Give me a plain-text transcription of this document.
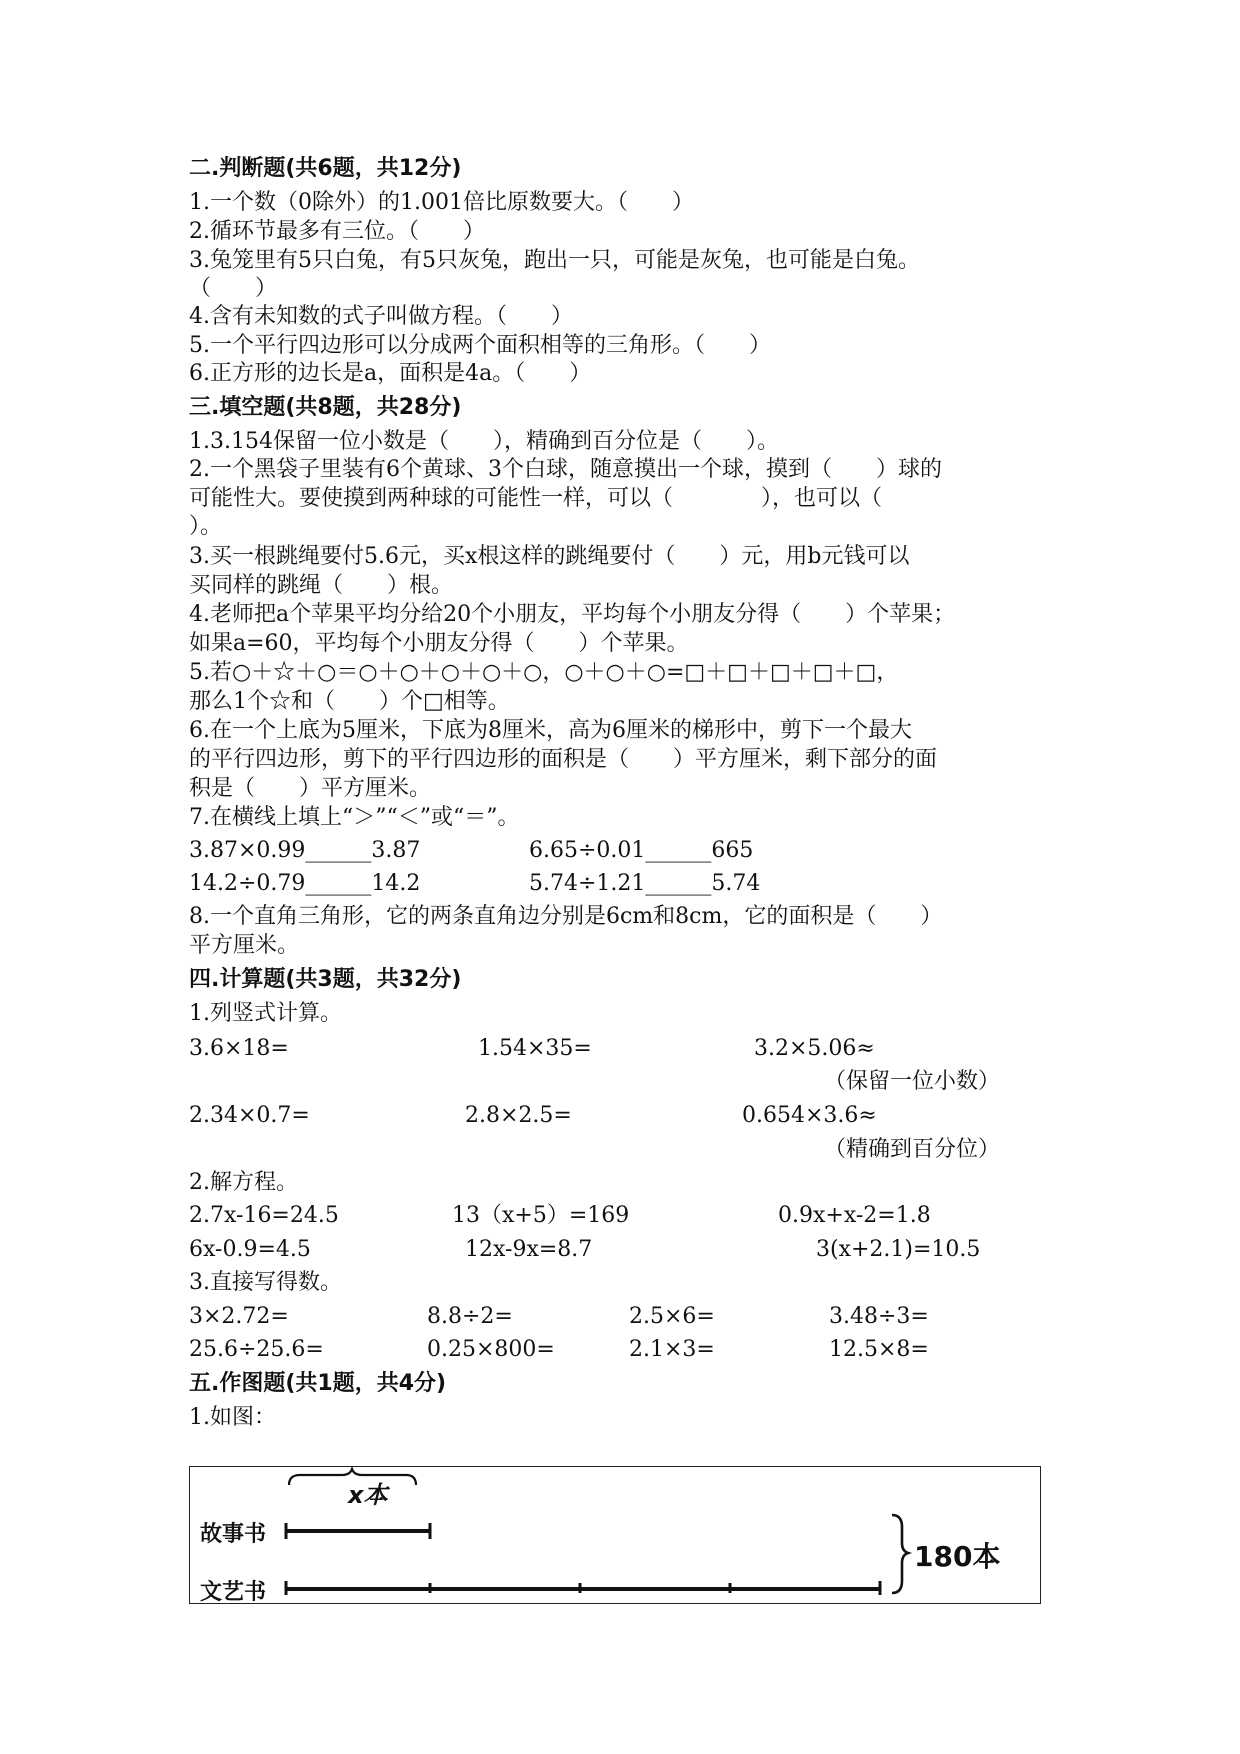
二.判断题(共6题，共12分)
1.一个数（0除外）的1.001倍比原数要大。（　　）
2.循环节最多有三位。（　　）
3.兔笼里有5只白兔，有5只灰兔，跑出一只，可能是灰兔，也可能是白兔。
（　　）
4.含有未知数的式子叫做方程。（　　）
5.一个平行四边形可以分成两个面积相等的三角形。（　　）
6.正方形的边长是a，面积是4a。（　　）
三.填空题(共8题，共28分)
1.3.154保留一位小数是（　　），精确到百分位是（　　）。
2.一个黑袋子里装有6个黄球、3个白球，随意摸出一个球，摸到（　　）球的
可能性大。要使摸到两种球的可能性一样，可以（　　　　），也可以（
）。
3.买一根跳绳要付5.6元，买x根这样的跳绳要付（　　）元，用b元钱可以
买同样的跳绳（　　）根。
4.老师把a个苹果平均分给20个小朋友，平均每个小朋友分得（　　）个苹果；
如果a=60，平均每个小朋友分得（　　）个苹果。
5.若○＋☆＋○＝○＋○＋○＋○＋○，○＋○＋○=□＋□＋□＋□＋□，
那么1个☆和（　　）个□相等。
6.在一个上底为5厘米，下底为8厘米，高为6厘米的梯形中，剪下一个最大
的平行四边形，剪下的平行四边形的面积是（　　）平方厘米，剩下部分的面
积是（　　）平方厘米。
7.在横线上填上“＞”“＜”或“＝”。
3.87×0.99______3.87	6.65÷0.01______665
14.2÷0.79______14.2	5.74÷1.21______5.74
8.一个直角三角形，它的两条直角边分别是6cm和8cm，它的面积是（　　）
平方厘米。
四.计算题(共3题，共32分)
1.列竖式计算。
3.6×18=	1.54×35=	3.2×5.06≈
（保留一位小数）
2.34×0.7=	2.8×2.5=	0.654×3.6≈
（精确到百分位）
2.解方程。
2.7x-16=24.5	13（x+5）=169	0.9x+x-2=1.8
6x-0.9=4.5	12x-9x=8.7	3(x+2.1)=10.5
3.直接写得数。
3×2.72=	8.8÷2=	2.5×6=	3.48÷3=
25.6÷25.6=	0.25×800=	2.1×3=	12.5×8=
五.作图题(共1题，共4分)
1.如图：
x本
故事书
文艺书
180本
